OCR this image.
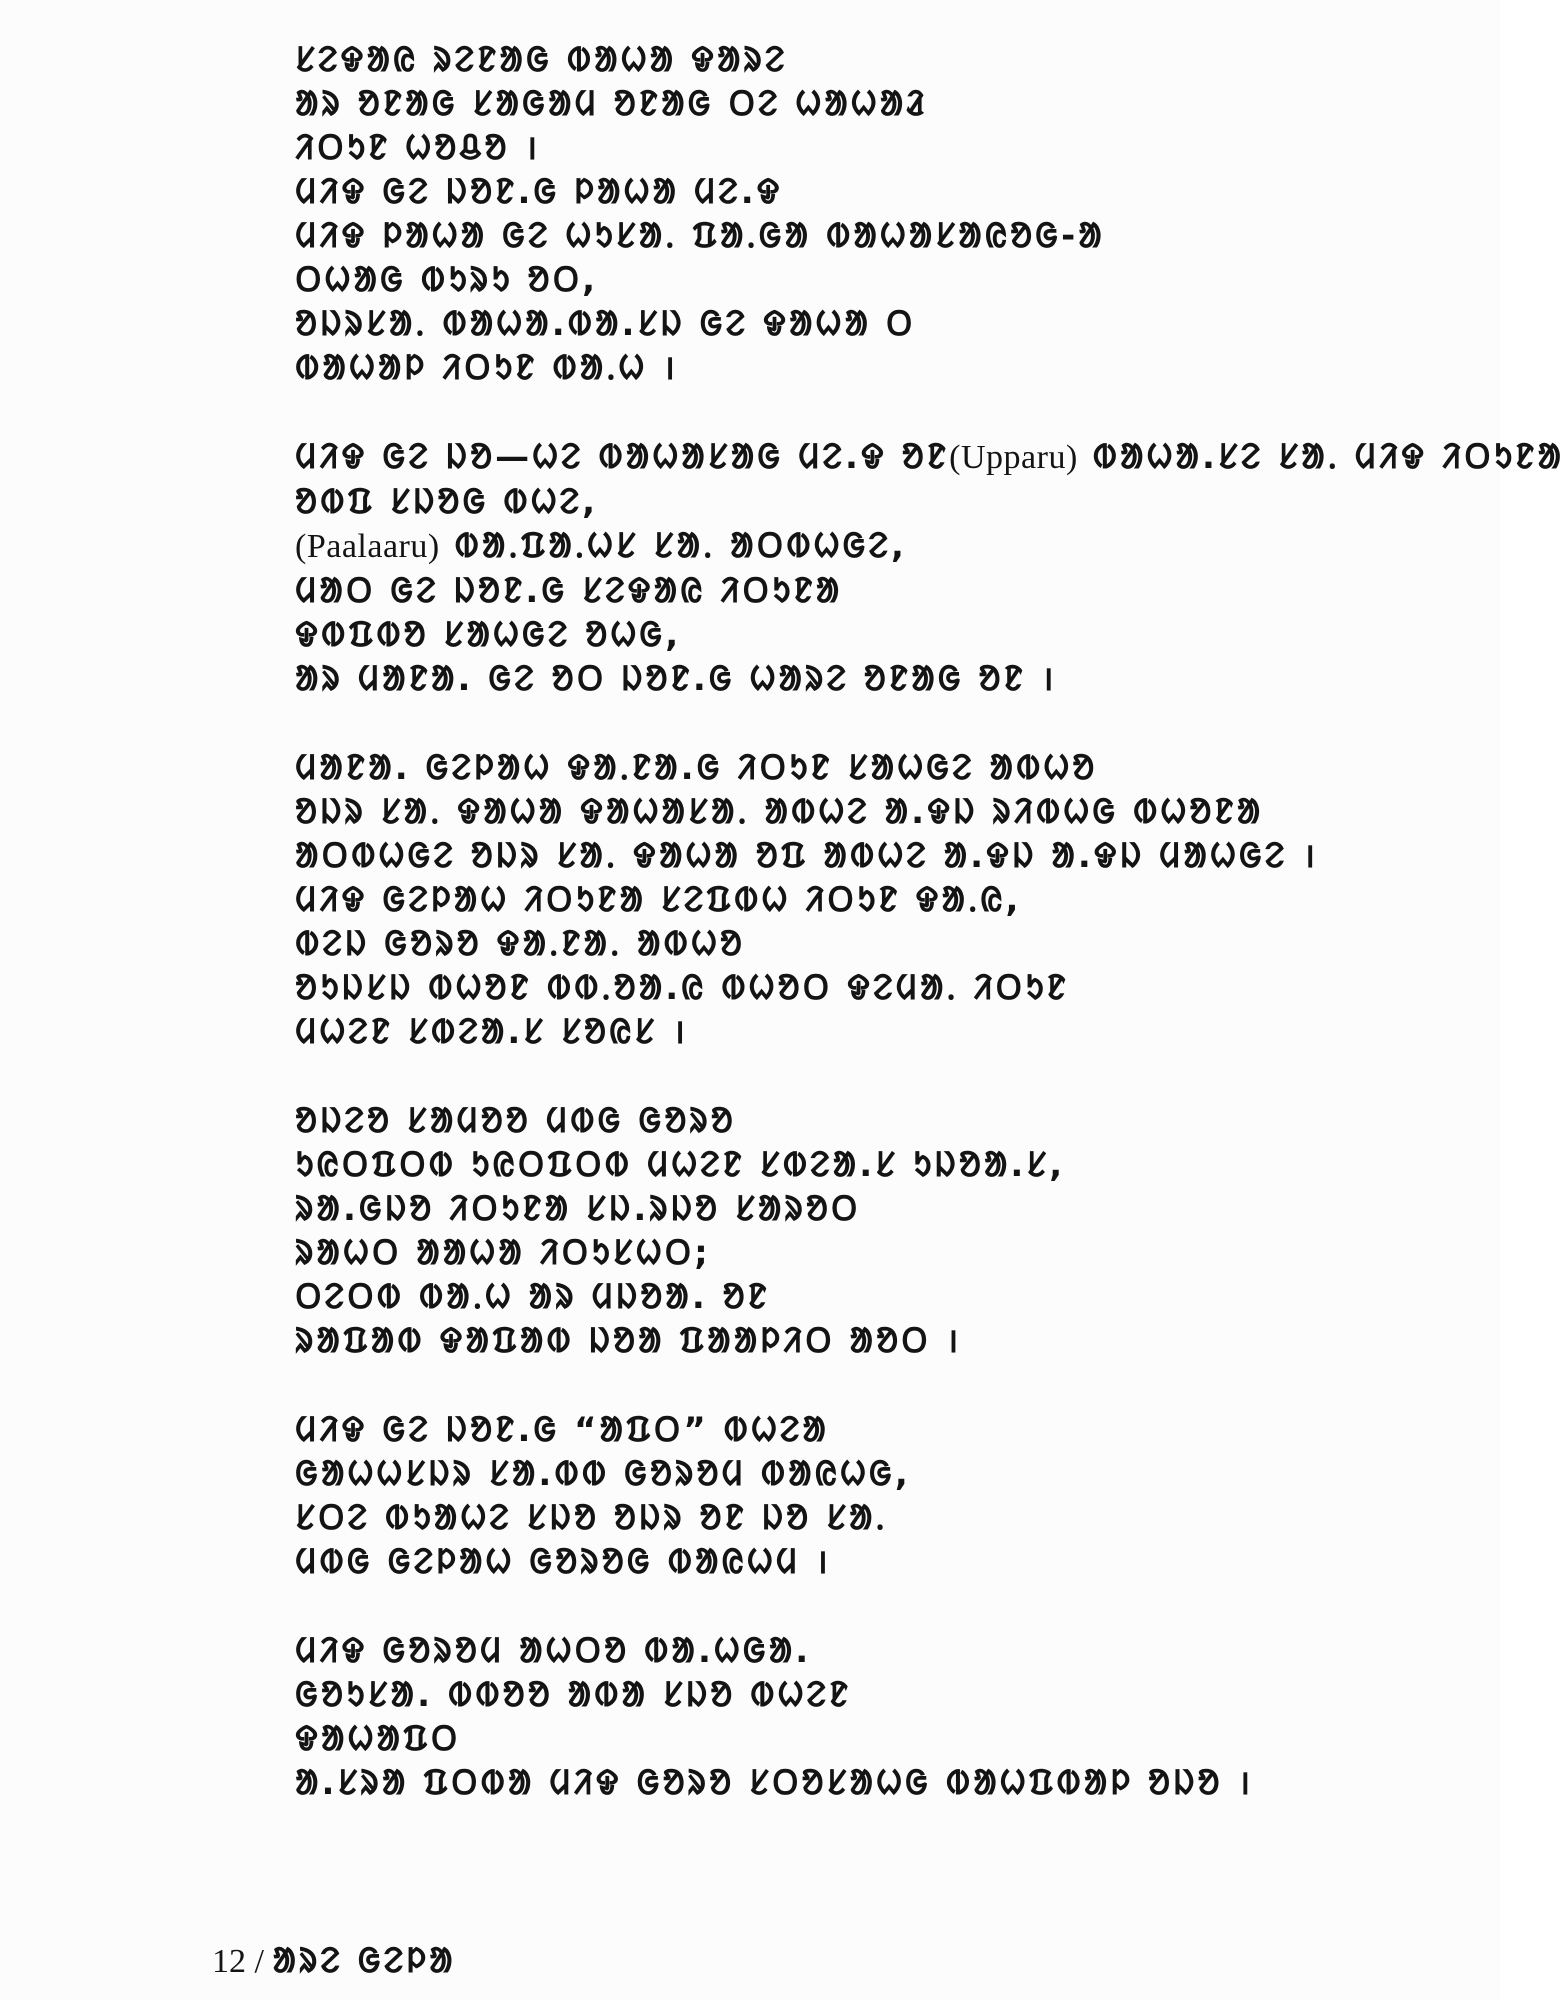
ᱥᱮᱫᱟᱭ ᱨᱮᱱᱟᱜ ᱵᱟᱦᱟ ᱫᱟᱨᱮ
ᱟᱨ ᱚᱱᱟᱜ ᱥᱟᱜᱟᱢ ᱚᱱᱟᱜ ᱛᱮ ᱦᱟᱦᱟᱲ
ᱤᱛᱩᱱ ᱦᱚᱪᱚ ।
ᱢᱤᱫ ᱜᱮ ᱡᱚᱱ.ᱜ ᱞᱟᱦᱟ ᱢᱮ.ᱫ
ᱢᱤᱫ ᱞᱟᱦᱟ ᱜᱮ ᱦᱩᱥᱟᱹ ᱯᱟᱹᱜᱟ ᱵᱟᱦᱟᱥᱟᱭᱚᱜ-ᱟ
ᱛᱦᱟᱜ ᱵᱩᱨᱩ ᱚᱛ,
ᱚᱡᱨᱥᱟᱹ ᱵᱟᱦᱟ.ᱵᱟ.ᱥᱡ ᱜᱮ ᱫᱟᱦᱟ ᱛ
ᱵᱟᱦᱟᱞ ᱤᱛᱩᱱ ᱵᱟᱹᱦ ।
ᱢᱤᱫ ᱜᱮ ᱡᱚ—ᱦᱮ ᱵᱟᱦᱟᱥᱟᱜ ᱢᱮ.ᱫ ᱚᱱ(Upparu) ᱵᱟᱦᱟ.ᱥᱮ ᱥᱟᱹ ᱢᱤᱫ ᱤᱛᱩᱱᱟ
ᱚᱵᱯ ᱥᱡᱚᱜ ᱵᱦᱮ,
(Paalaaru) ᱵᱟᱹᱯᱟᱹᱦᱥ ᱥᱟᱹ ᱟᱛᱵᱦᱜᱮ,
ᱢᱟᱛ ᱜᱮ ᱡᱚᱱ.ᱜ ᱥᱮᱫᱟᱭ ᱤᱛᱩᱱᱟ
ᱫᱵᱯᱵᱚ ᱥᱟᱦᱜᱮ ᱚᱦᱜ,
ᱟᱨ ᱢᱟᱱᱟ. ᱜᱮ ᱚᱛ ᱡᱚᱱ.ᱜ ᱦᱟᱨᱮ ᱚᱱᱟᱜ ᱚᱱ ।
ᱢᱟᱱᱟ. ᱜᱮᱞᱟᱦ ᱫᱟᱹᱱᱟ.ᱜ ᱤᱛᱩᱱ ᱥᱟᱦᱜᱮ ᱟᱵᱦᱚ
ᱚᱡᱨ ᱥᱟᱹ ᱫᱟᱦᱟ ᱫᱟᱦᱟᱥᱟᱹ ᱟᱵᱦᱮ ᱟ.ᱫᱡ ᱨᱤᱵᱦᱜ ᱵᱦᱚᱱᱟ
ᱟᱛᱵᱦᱜᱮ ᱚᱡᱨ ᱥᱟᱹ ᱫᱟᱦᱟ ᱚᱯ ᱟᱵᱦᱮ ᱟ.ᱫᱡ ᱟ.ᱫᱡ ᱢᱟᱦᱜᱮ ।
ᱢᱤᱫ ᱜᱮᱞᱟᱦ ᱤᱛᱩᱱᱟ ᱥᱮᱯᱵᱦ ᱤᱛᱩᱱ ᱫᱟᱹᱭ,
ᱵᱮᱡ ᱜᱚᱨᱚ ᱫᱟᱹᱱᱟᱹ ᱟᱵᱦᱚ
ᱚᱩᱡᱥᱡ ᱵᱦᱚᱱ ᱵᱵᱹᱚᱟ.ᱭ ᱵᱦᱚᱛ ᱫᱮᱢᱟᱹ ᱤᱛᱩᱱ
ᱢᱦᱮᱱ ᱥᱵᱮᱟ.ᱥ ᱥᱚᱭᱥ ।
ᱚᱡᱮᱚ ᱥᱟᱢᱚᱚ ᱢᱵᱜ ᱜᱚᱨᱚ
ᱩᱭᱛᱯᱛᱵ ᱩᱭᱛᱯᱛᱵ ᱢᱦᱮᱱ ᱥᱵᱮᱟ.ᱥ ᱩᱡᱚᱟ.ᱥ,
ᱨᱟ.ᱜᱡᱚ ᱤᱛᱩᱱᱟ ᱥᱡ.ᱨᱡᱚ ᱥᱟᱨᱚᱛ
ᱨᱟᱦᱛ ᱟᱟᱦᱟ ᱤᱛᱩᱥᱦᱛ;
ᱛᱮᱛᱵ ᱵᱟᱹᱦ ᱟᱨ ᱢᱡᱚᱟ. ᱚᱱ
ᱨᱟᱯᱟᱵ ᱫᱟᱯᱟᱵ ᱡᱚᱟ ᱯᱟᱟᱞᱤᱛ ᱟᱚᱛ ।
ᱢᱤᱫ ᱜᱮ ᱡᱚᱱ.ᱜ “ᱟᱯᱛ” ᱵᱦᱮᱟ
ᱜᱟᱦᱦᱥᱡᱨ ᱥᱟ.ᱵᱵ ᱜᱚᱨᱚᱢ ᱵᱟᱭᱦᱜ,
ᱥᱛᱮ ᱵᱩᱟᱦᱮ ᱥᱡᱚ ᱚᱡᱨ ᱚᱱ ᱡᱚ ᱥᱟᱹ
ᱢᱵᱜ ᱜᱮᱞᱟᱦ ᱜᱚᱨᱚᱜ ᱵᱟᱭᱦᱢ ।
ᱢᱤᱫ ᱜᱚᱨᱚᱢ ᱟᱦᱛᱚ ᱵᱟ.ᱦᱜᱟ.
ᱜᱚᱩᱥᱟ. ᱵᱵᱚᱚ ᱟᱵᱟ ᱥᱡᱚ ᱵᱦᱮᱱ
ᱫᱟᱦᱟᱯᱛ
ᱟ.ᱥᱨᱟ ᱯᱛᱵᱟ ᱢᱤᱫ ᱜᱚᱨᱚ ᱥᱛᱚᱥᱟᱦᱜ ᱵᱟᱦᱯᱵᱟᱞ ᱚᱡᱚ ।
12 / ᱟᱨᱮ ᱜᱮᱞᱟ
